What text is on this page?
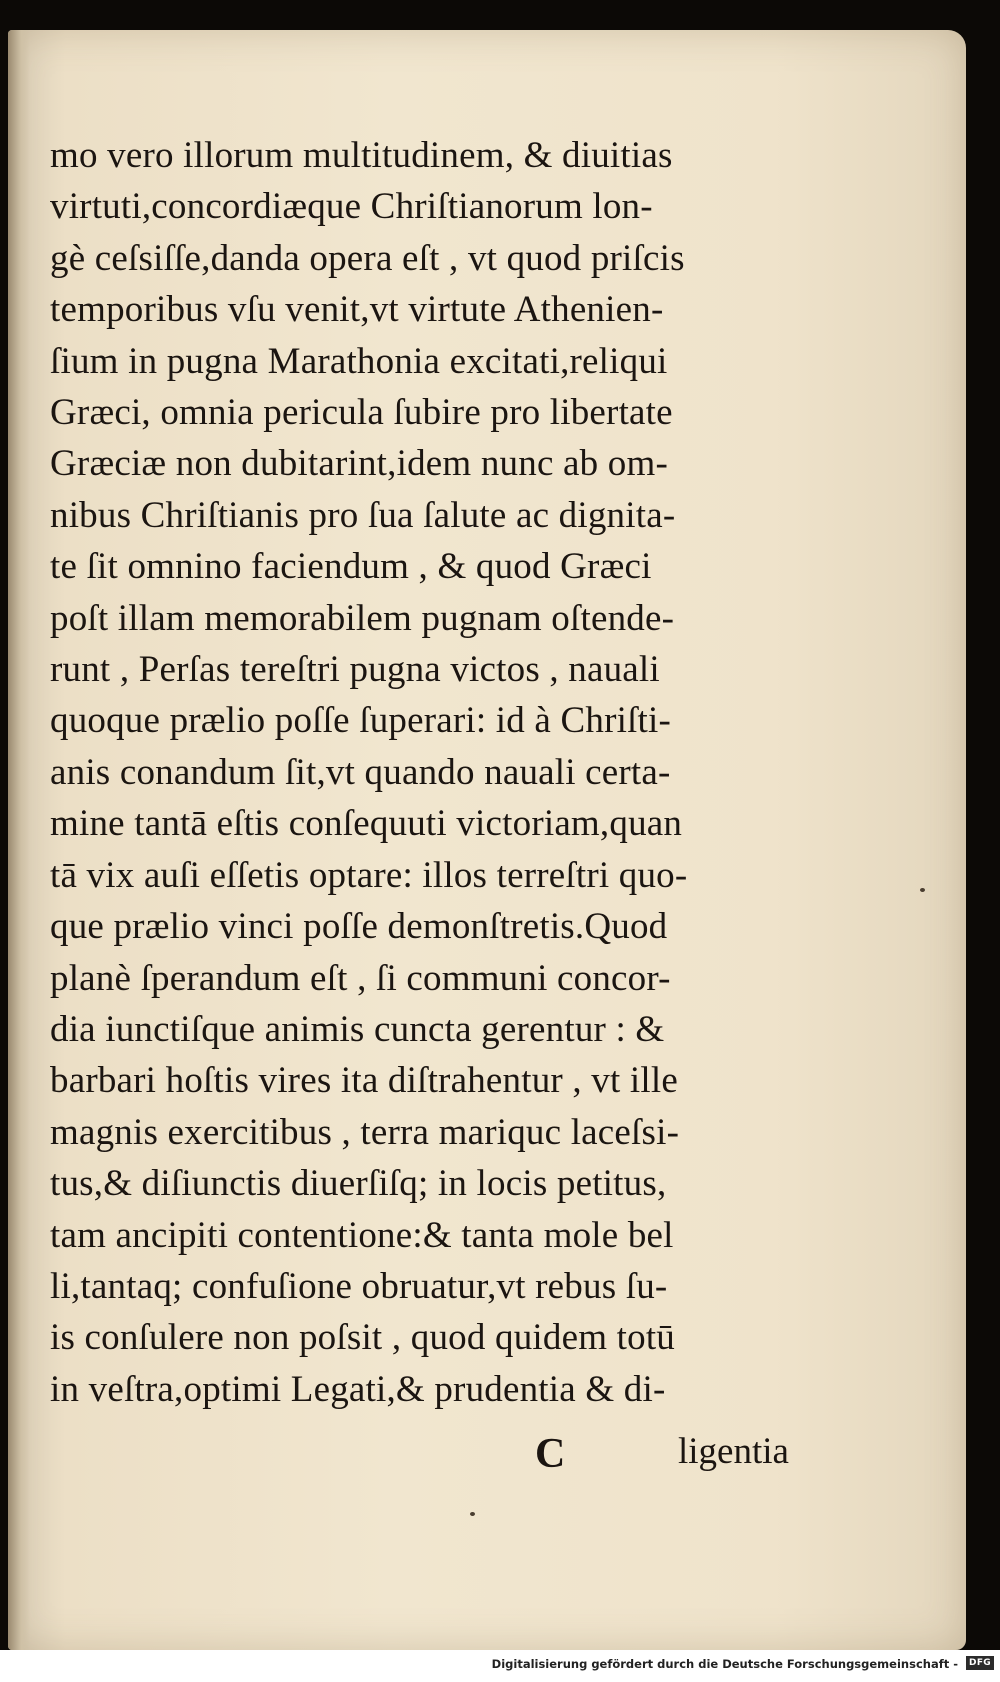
mo vero illorum multitudinem, & diuitias
virtuti,concordiæque Chriſtianorum lon-
gè ceſsiſſe,danda opera eſt , vt quod priſcis
temporibus vſu venit,vt virtute Athenien-
ſium in pugna Marathonia excitati,reliqui
Græci, omnia pericula ſubire pro libertate
Græciæ non dubitarint,idem nunc ab om-
nibus Chriſtianis pro ſua ſalute ac dignita-
te ſit omnino faciendum , & quod Græci
poſt illam memorabilem pugnam oſtende-
runt , Perſas tereſtri pugna victos , nauali
quoque prælio poſſe ſuperari: id à Chriſti-
anis conandum ſit,vt quando nauali certa-
mine tantā eſtis conſequuti victoriam,quan
tā vix auſi eſſetis optare: illos terreſtri quo-
que prælio vinci poſſe demonſtretis.Quod
planè ſperandum eſt , ſi communi concor-
dia iunctiſque animis cuncta gerentur : &
barbari hoſtis vires ita diſtrahentur , vt ille
magnis exercitibus , terra mariquc laceſsi-
tus,& diſiunctis diuerſiſq; in locis petitus,
tam ancipiti contentione:& tanta mole bel
li,tantaq; confuſione obruatur,vt rebus ſu-
is conſulere non poſsit , quod quidem totū
in veſtra,optimi Legati,& prudentia & di-
C	ligentia
Digitalisierung gefördert durch die Deutsche Forschungsgemeinschaft -	DFG
